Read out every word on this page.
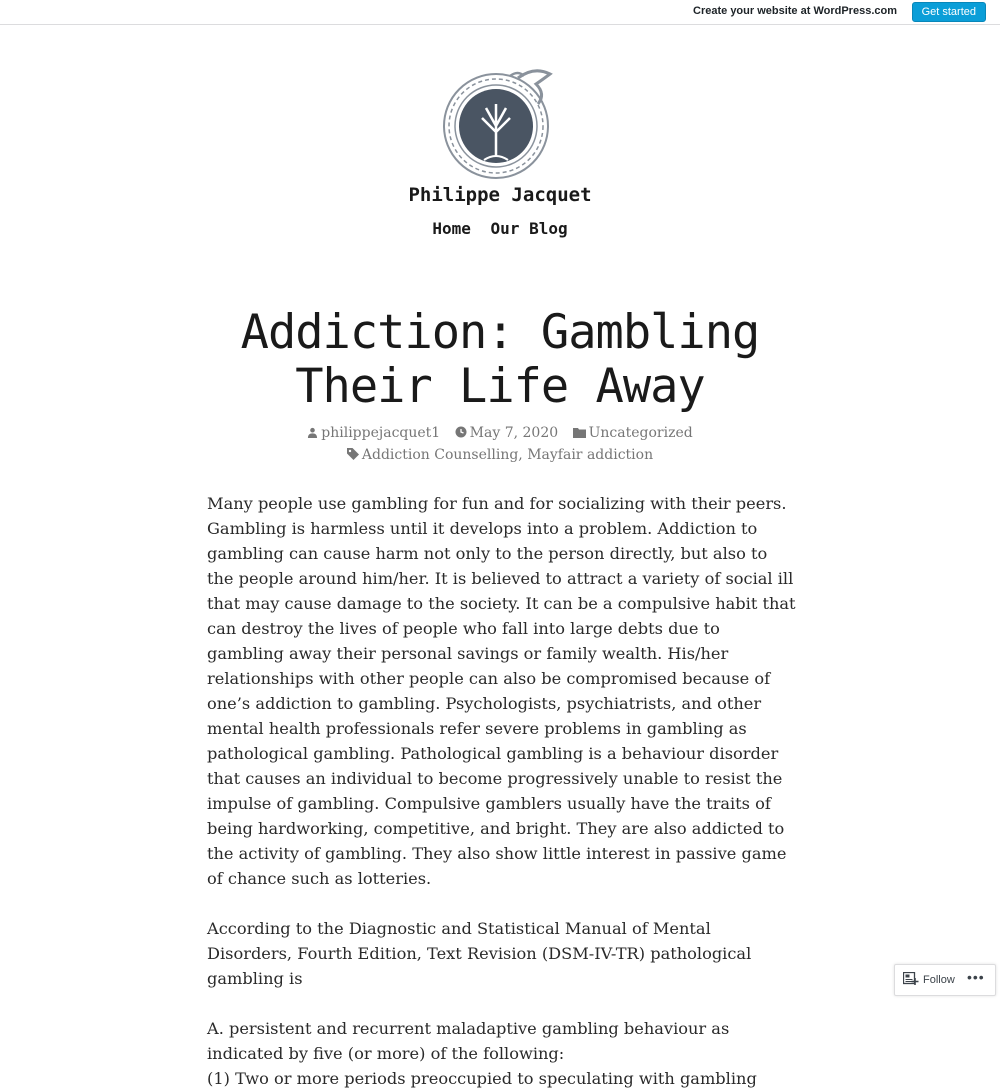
Create your website at WordPress.com	Get started
Philippe Jacquet
Home Our Blog
Addiction: Gambling
Their Life Away
philippejacquet1 May 7, 2020 Uncategorized
Addiction Counselling, Mayfair addiction

Many people use gambling for fun and for socializing with their peers. Gambling is harmless until it develops into a problem. Addiction to gambling can cause harm not only to the person directly, but also to the people around him/her. It is believed to attract a variety of social ill that may cause damage to the society. It can be a compulsive habit that can destroy the lives of people who fall into large debts due to gambling away their personal savings or family wealth. His/her relationships with other people can also be compromised because of one’s addiction to gambling. Psychologists, psychiatrists, and other mental health professionals refer severe problems in gambling as pathological gambling. Pathological gambling is a behaviour disorder that causes an individual to become progressively unable to resist the impulse of gambling. Compulsive gamblers usually have the traits of being hardworking, competitive, and bright. They are also addicted to the activity of gambling. They also show little interest in passive game of chance such as lotteries.

According to the Diagnostic and Statistical Manual of Mental Disorders, Fourth Edition, Text Revision (DSM-IV-TR) pathological gambling is

A. persistent and recurrent maladaptive gambling behaviour as indicated by five (or more) of the following:
(1) Two or more periods preoccupied to speculating with gambling

Follow •••
